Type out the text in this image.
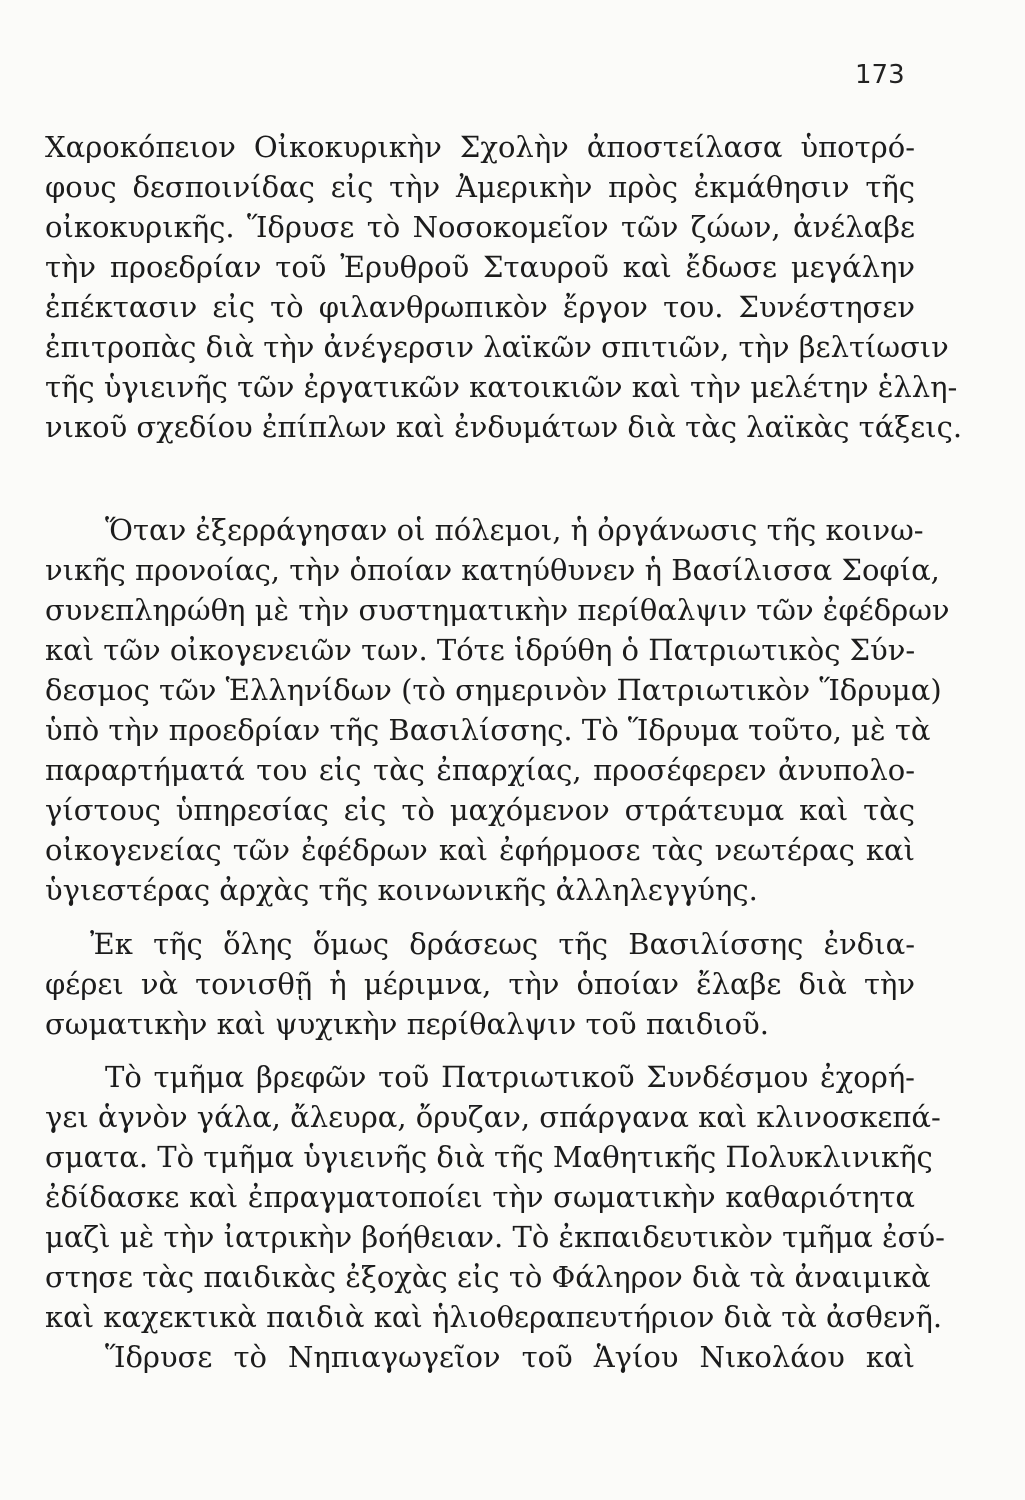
173
Χαροκόπειον Οἰκοκυρικὴν Σχολὴν ἀποστείλασα ὑποτρό-
φους δεσποινίδας εἰς τὴν Ἀμερικὴν πρὸς ἐκμάθησιν τῆς
οἰκοκυρικῆς. Ἵδρυσε τὸ Νοσοκομεῖον τῶν ζώων, ἀνέλαβε
τὴν προεδρίαν τοῦ Ἐρυθροῦ Σταυροῦ καὶ ἔδωσε μεγάλην
ἐπέκτασιν εἰς τὸ φιλανθρωπικὸν ἔργον του. Συνέστησεν
ἐπιτροπὰς διὰ τὴν ἀνέγερσιν λαϊκῶν σπιτιῶν, τὴν βελτίωσιν
τῆς ὑγιεινῆς τῶν ἐργατικῶν κατοικιῶν καὶ τὴν μελέτην ἑλλη-
νικοῦ σχεδίου ἐπίπλων καὶ ἐνδυμάτων διὰ τὰς λαϊκὰς τάξεις.
Ὅταν ἐξερράγησαν οἱ πόλεμοι, ἡ ὀργάνωσις τῆς κοινω-
νικῆς προνοίας, τὴν ὁποίαν κατηύθυνεν ἡ Βασίλισσα Σοφία,
συνεπληρώθη μὲ τὴν συστηματικὴν περίθαλψιν τῶν ἐφέδρων
καὶ τῶν οἰκογενειῶν των. Τότε ἱδρύθη ὁ Πατριωτικὸς Σύν-
δεσμος τῶν Ἑλληνίδων (τὸ σημερινὸν Πατριωτικὸν Ἵδρυμα)
ὑπὸ τὴν προεδρίαν τῆς Βασιλίσσης. Τὸ Ἵδρυμα τοῦτο, μὲ τὰ
παραρτήματά του εἰς τὰς ἐπαρχίας, προσέφερεν ἀνυπολο-
γίστους ὑπηρεσίας εἰς τὸ μαχόμενον στράτευμα καὶ τὰς
οἰκογενείας τῶν ἐφέδρων καὶ ἐφήρμοσε τὰς νεωτέρας καὶ
ὑγιεστέρας ἀρχὰς τῆς κοινωνικῆς ἀλληλεγγύης.
Ἐκ τῆς ὅλης ὅμως δράσεως τῆς Βασιλίσσης ἐνδια-
φέρει νὰ τονισθῇ ἡ μέριμνα, τὴν ὁποίαν ἔλαβε διὰ τὴν
σωματικὴν καὶ ψυχικὴν περίθαλψιν τοῦ παιδιοῦ.
Τὸ τμῆμα βρεφῶν τοῦ Πατριωτικοῦ Συνδέσμου ἐχορή-
γει ἁγνὸν γάλα, ἄλευρα, ὄρυζαν, σπάργανα καὶ κλινοσκεπά-
σματα. Τὸ τμῆμα ὑγιεινῆς διὰ τῆς Μαθητικῆς Πολυκλινικῆς
ἐδίδασκε καὶ ἐπραγματοποίει τὴν σωματικὴν καθαριότητα
μαζὶ μὲ τὴν ἰατρικὴν βοήθειαν. Τὸ ἐκπαιδευτικὸν τμῆμα ἐσύ-
στησε τὰς παιδικὰς ἐξοχὰς εἰς τὸ Φάληρον διὰ τὰ ἀναιμικὰ
καὶ καχεκτικὰ παιδιὰ καὶ ἡλιοθεραπευτήριον διὰ τὰ ἀσθενῆ.
Ἵδρυσε τὸ Νηπιαγωγεῖον τοῦ Ἁγίου Νικολάου καὶ
